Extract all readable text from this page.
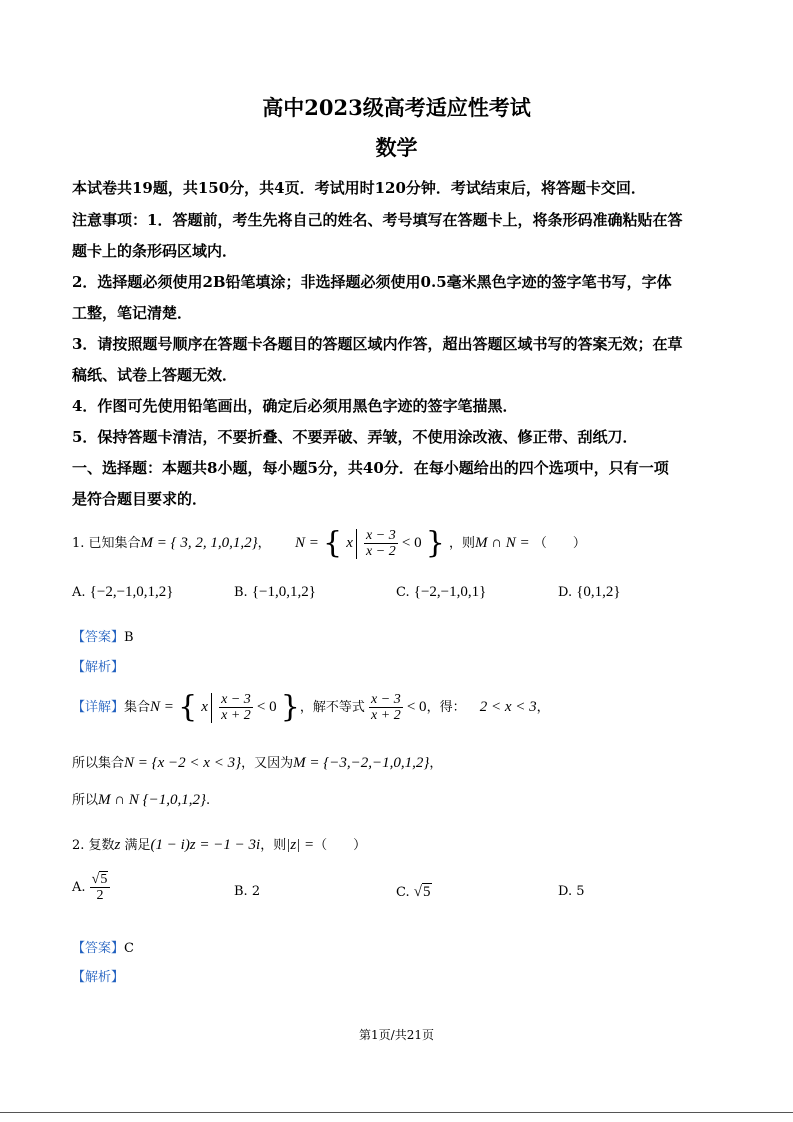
高中2023级高考适应性考试
数学
本试卷共19题，共150分，共4页．考试用时120分钟．考试结束后，将答题卡交回．
注意事项：1．答题前，考生先将自己的姓名、考号填写在答题卡上，将条形码准确粘贴在答
题卡上的条形码区域内．
2．选择题必须使用2B铅笔填涂；非选择题必须使用0.5毫米黑色字迹的签字笔书写，字体
工整，笔记清楚．
3．请按照题号顺序在答题卡各题目的答题区域内作答，超出答题区域书写的答案无效；在草
稿纸、试卷上答题无效．
4．作图可先使用铅笔画出，确定后必须用黑色字迹的签字笔描黑．
5．保持答题卡清洁，不要折叠、不要弄破、弄皱，不使用涂改液、修正带、刮纸刀．
一、选择题：本题共8小题，每小题5分，共40分．在每小题给出的四个选项中，只有一项
是符合题目要求的．
1. 已知集合M = { 3, 2, 1,0,1,2}， N = { x $\frac{x - 3}{x - 2} < 0$ } ，则M ∩ N = （　　）
A. {−2,−1,0,1,2}	B. {−1,0,1,2}	C. {−2,−1,0,1}	D. {0,1,2}
【答案】B
【解析】
【详解】集合N = { x $\frac{x - 3}{x + 2} < 0$ }，解不等式 $\frac{x - 3}{x + 2} < 0$，得： 2 < x < 3，
所以集合N = {x −2 < x < 3}，又因为M = {−3,−2,−1,0,1,2}，
所以M ∩ N {−1,0,1,2}.
2. 复数z 满足(1 − i)z = −1 − 3i，则|z| =（　　）
A. $\frac{√5}{2}$	B. 2	C. √5	D. 5
【答案】C
【解析】
第1页/共21页
